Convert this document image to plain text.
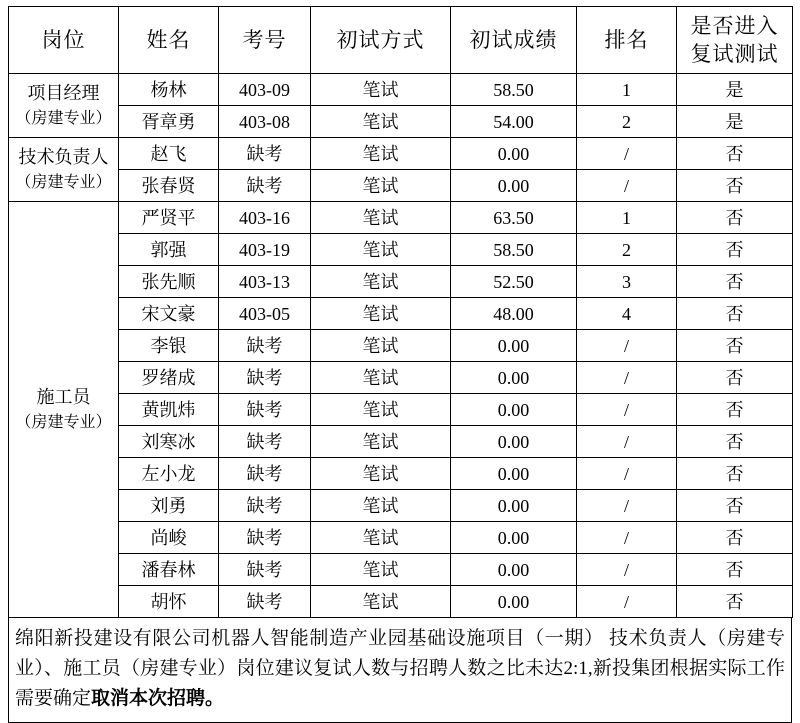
岗位	姓名	考号	初试方式	初试成绩	排名	是否进入
复试测试

项目经理
（房建专业）	杨林	403-09	笔试	58.50	1	是
	胥章勇	403-08	笔试	54.00	2	是
技术负责人
（房建专业）	赵飞	缺考	笔试	0.00	/	否
	张春贤	缺考	笔试	0.00	/	否
施工员
（房建专业）	严贤平	403-16	笔试	63.50	1	否
	郭强	403-19	笔试	58.50	2	否
	张先顺	403-13	笔试	52.50	3	否
	宋文豪	403-05	笔试	48.00	4	否
	李银	缺考	笔试	0.00	/	否
	罗绪成	缺考	笔试	0.00	/	否
	黄凯炜	缺考	笔试	0.00	/	否
	刘寒冰	缺考	笔试	0.00	/	否
	左小龙	缺考	笔试	0.00	/	否
	刘勇	缺考	笔试	0.00	/	否
	尚峻	缺考	笔试	0.00	/	否
	潘春林	缺考	笔试	0.00	/	否
	胡怀	缺考	笔试	0.00	/	否
绵阳新投建设有限公司机器人智能制造产业园基础设施项目（一期） 技术负责人（房建专业）、施工员（房建专业）岗位建议复试人数与招聘人数之比未达2:1,新投集团根据实际工作需要确定取消本次招聘。
